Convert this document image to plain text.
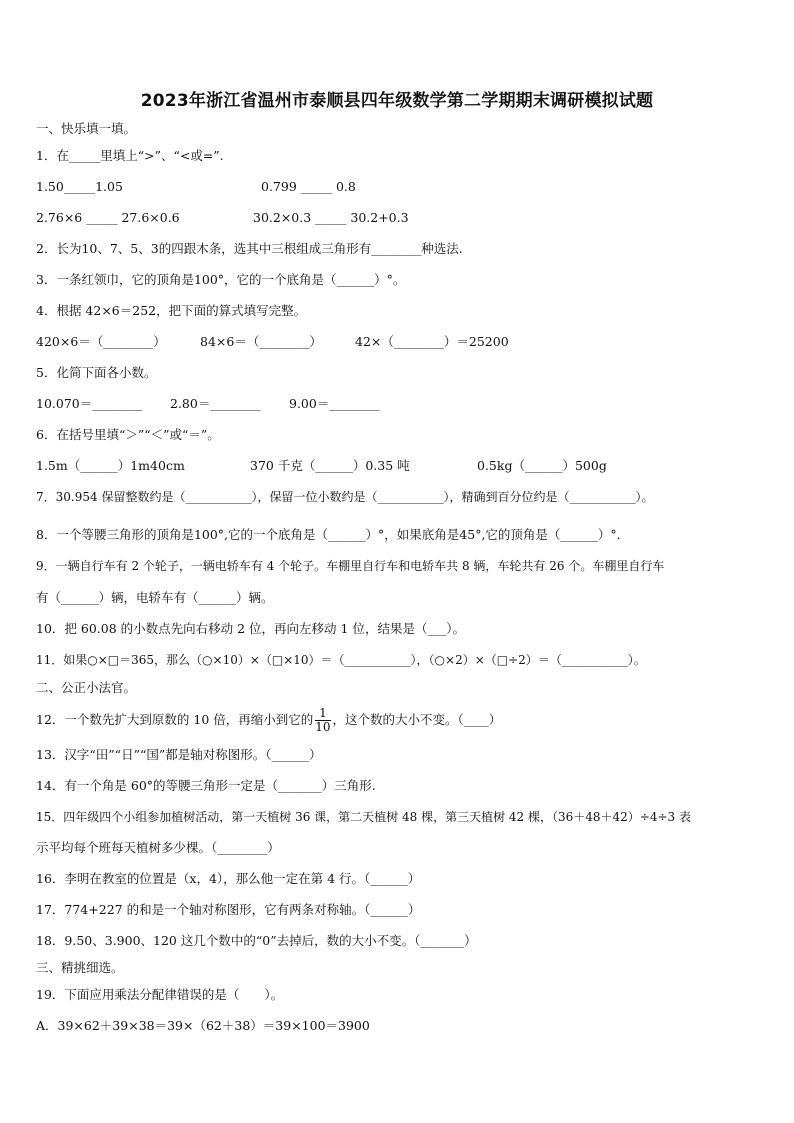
2023年浙江省温州市泰顺县四年级数学第二学期期末调研模拟试题
一、快乐填一填。
1．在_____里填上“>”、“<或=”.
1.50_____1.05	0.799 _____ 0.8
2.76×6 _____ 27.6×0.6	30.2×0.3 _____ 30.2+0.3
2．长为10、7、5、3的四跟木条，选其中三根组成三角形有________种选法.
3．一条红领巾，它的顶角是100°，它的一个底角是（______）°。
4．根据 42×6＝252，把下面的算式填写完整。
420×6＝（________）	84×6＝（________）	42×（________）＝25200
5．化简下面各小数。
10.070＝________ 2.80＝________ 9.00＝________
6．在括号里填“＞”“＜”或“＝”。
1.5m（______）1m40cm	370 千克（______）0.35 吨	0.5kg（______）500g
7．30.954 保留整数约是（___________），保留一位小数约是（___________），精确到百分位约是（___________）。
8．一个等腰三角形的顶角是100°,它的一个底角是（______）°，如果底角是45°,它的顶角是（______）°.
9．一辆自行车有 2 个轮子，一辆电轿车有 4 个轮子。车棚里自行车和电轿车共 8 辆，车轮共有 26 个。车棚里自行车
有（______）辆，电轿车有（______）辆。
10．把 60.08 的小数点先向右移动 2 位，再向左移动 1 位，结果是（___）。
11．如果○×□＝365，那么（○×10）×（□×10）＝（___________），（○×2）×（□÷2）＝（___________）。
二、公正小法官。
12．一个数先扩大到原数的 10 倍，再缩小到它的 $\frac{1}{10}$ ，这个数的大小不变。（____）
13．汉字“田”“日”“国”都是轴对称图形。（______）
14．有一个角是 60°的等腰三角形一定是（_______）三角形.
15．四年级四个小组参加植树活动，第一天植树 36 课，第二天植树 48 棵，第三天植树 42 棵，（36＋48＋42）÷4÷3 表
示平均每个班每天植树多少棵。（________）
16．李明在教室的位置是（x，4），那么他一定在第 4 行。（______）
17．774+227 的和是一个轴对称图形，它有两条对称轴。（______）
18．9.50、3.900、120 这几个数中的“0”去掉后，数的大小不变。（_______）
三、精挑细选。
19．下面应用乘法分配律错误的是（　　）。
A．39×62＋39×38＝39×（62＋38）＝39×100＝3900
